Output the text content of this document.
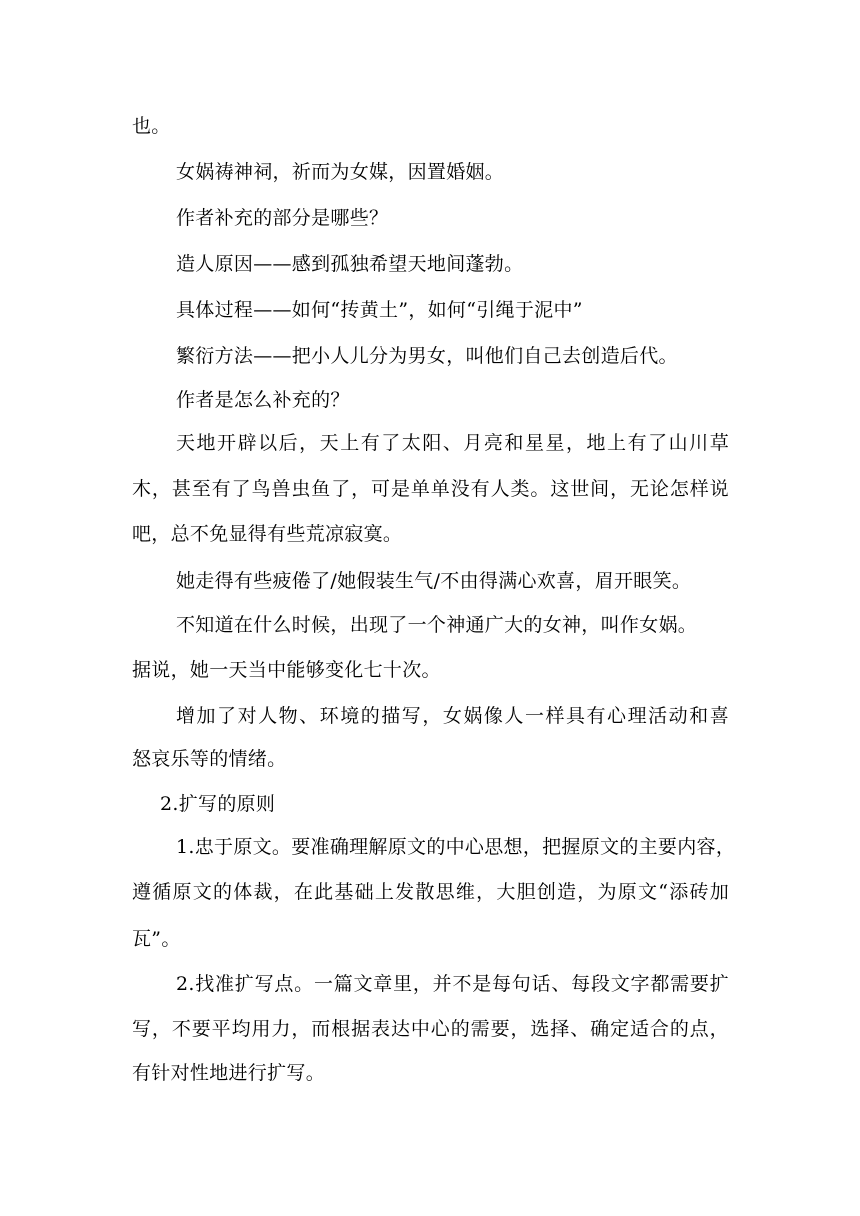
也。
女娲祷神祠，祈而为女媒，因置婚姻。
作者补充的部分是哪些？
造人原因——感到孤独希望天地间蓬勃。
具体过程——如何“抟黄土”，如何“引绳于泥中”
繁衍方法——把小人儿分为男女，叫他们自己去创造后代。
作者是怎么补充的？
天地开辟以后，天上有了太阳、月亮和星星，地上有了山川草
木，甚至有了鸟兽虫鱼了，可是单单没有人类。这世间，无论怎样说
吧，总不免显得有些荒凉寂寞。
她走得有些疲倦了/她假装生气/不由得满心欢喜，眉开眼笑。
不知道在什么时候，出现了一个神通广大的女神，叫作女娲。
据说，她一天当中能够变化七十次。
增加了对人物、环境的描写，女娲像人一样具有心理活动和喜
怒哀乐等的情绪。
2.扩写的原则
1.忠于原文。要准确理解原文的中心思想，把握原文的主要内容，
遵循原文的体裁，在此基础上发散思维，大胆创造，为原文“添砖加
瓦”。
2.找准扩写点。一篇文章里，并不是每句话、每段文字都需要扩
写，不要平均用力，而根据表达中心的需要，选择、确定适合的点，
有针对性地进行扩写。
